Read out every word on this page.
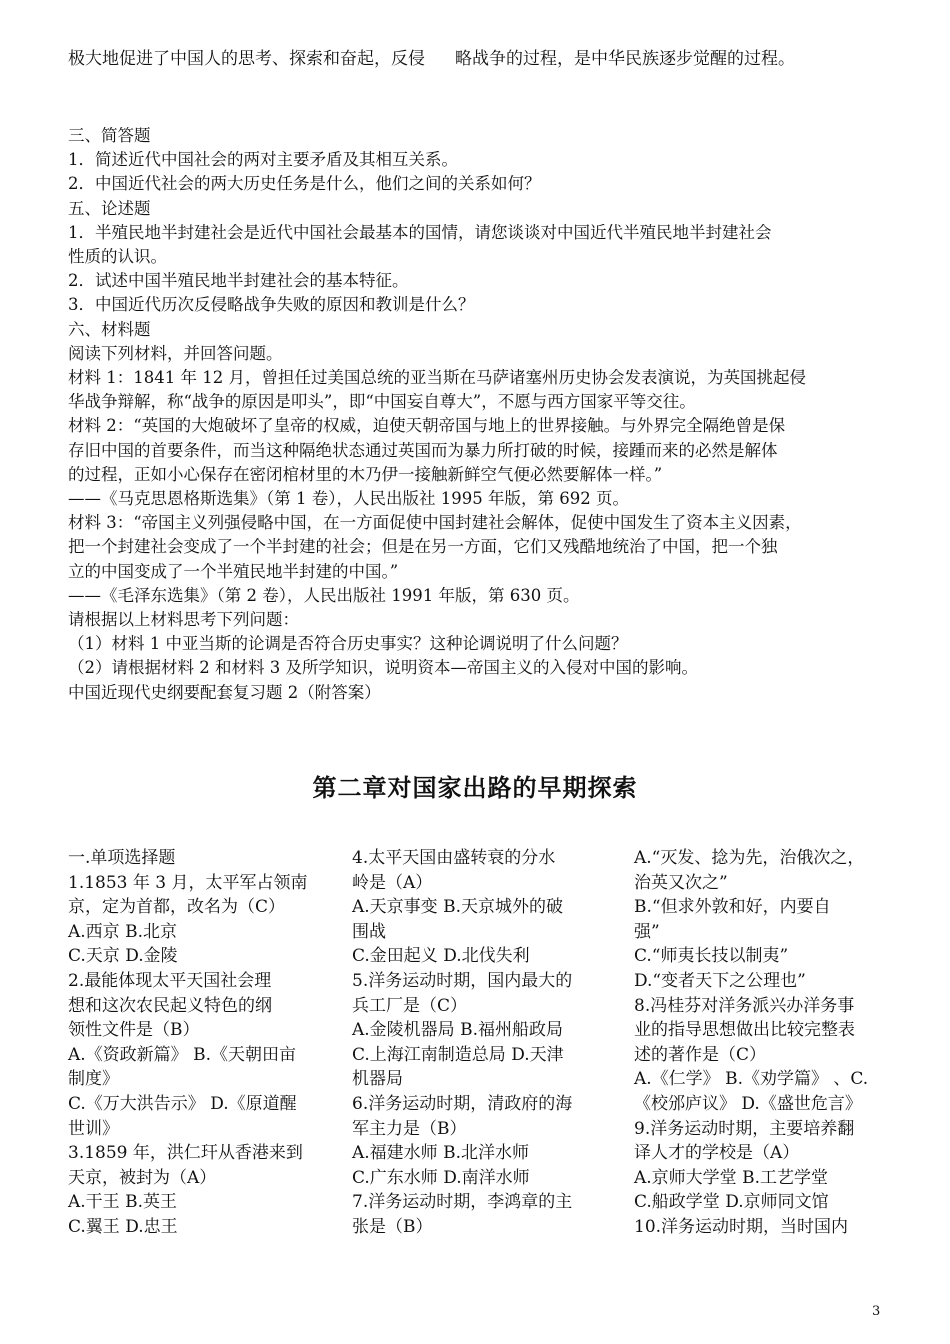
极大地促进了中国人的思考、探索和奋起，反侵 略战争的过程，是中华民族逐步觉醒的过程。
三、简答题
1．简述近代中国社会的两对主要矛盾及其相互关系。
2．中国近代社会的两大历史任务是什么，他们之间的关系如何？
五、论述题
1．半殖民地半封建社会是近代中国社会最基本的国情，请您谈谈对中国近代半殖民地半封建社会
性质的认识。
2．试述中国半殖民地半封建社会的基本特征。
3．中国近代历次反侵略战争失败的原因和教训是什么？
六、材料题
阅读下列材料，并回答问题。
材料 1：1841 年 12 月，曾担任过美国总统的亚当斯在马萨诸塞州历史协会发表演说，为英国挑起侵
华战争辩解，称“战争的原因是叩头”，即“中国妄自尊大”，不愿与西方国家平等交往。
材料 2：“英国的大炮破坏了皇帝的权威，迫使天朝帝国与地上的世界接触。与外界完全隔绝曾是保
存旧中国的首要条件，而当这种隔绝状态通过英国而为暴力所打破的时候，接踵而来的必然是解体
的过程，正如小心保存在密闭棺材里的木乃伊一接触新鲜空气便必然要解体一样。”
——《马克思恩格斯选集》（第 1 卷），人民出版社 1995 年版，第 692 页。
材料 3：“帝国主义列强侵略中国，在一方面促使中国封建社会解体，促使中国发生了资本主义因素，
把一个封建社会变成了一个半封建的社会；但是在另一方面，它们又残酷地统治了中国，把一个独
立的中国变成了一个半殖民地半封建的中国。”
——《毛泽东选集》（第 2 卷），人民出版社 1991 年版，第 630 页。
请根据以上材料思考下列问题：
（1）材料 1 中亚当斯的论调是否符合历史事实？这种论调说明了什么问题？
（2）请根据材料 2 和材料 3 及所学知识，说明资本—帝国主义的入侵对中国的影响。
中国近现代史纲要配套复习题 2（附答案）
第二章对国家出路的早期探索
一.单项选择题
1.1853 年 3 月，太平军占领南
京，定为首都，改名为（C）
A.西京 B.北京
C.天京 D.金陵
2.最能体现太平天国社会理
想和这次农民起义特色的纲
领性文件是（B）
A.《资政新篇》 B.《天朝田亩
制度》
C.《万大洪告示》 D.《原道醒
世训》
3.1859 年，洪仁玕从香港来到
天京，被封为（A）
A.干王 B.英王
C.翼王 D.忠王
4.太平天国由盛转衰的分水
岭是（A）
A.天京事变 B.天京城外的破
围战
C.金田起义 D.北伐失利
5.洋务运动时期，国内最大的
兵工厂是（C）
A.金陵机器局 B.福州船政局
C.上海江南制造总局 D.天津
机器局
6.洋务运动时期，清政府的海
军主力是（B）
A.福建水师 B.北洋水师
C.广东水师 D.南洋水师
7.洋务运动时期，李鸿章的主
张是（B）
A.“灭发、捻为先，治俄次之，
治英又次之”
B.“但求外敦和好，内要自
强”
C.“师夷长技以制夷”
D.“变者天下之公理也”
8.冯桂芬对洋务派兴办洋务事
业的指导思想做出比较完整表
述的著作是（C）
A.《仁学》 B.《劝学篇》 、C.
《校邠庐议》 D.《盛世危言》
9.洋务运动时期，主要培养翻
译人才的学校是（A）
A.京师大学堂 B.工艺学堂
C.船政学堂 D.京师同文馆
10.洋务运动时期，当时国内
3
